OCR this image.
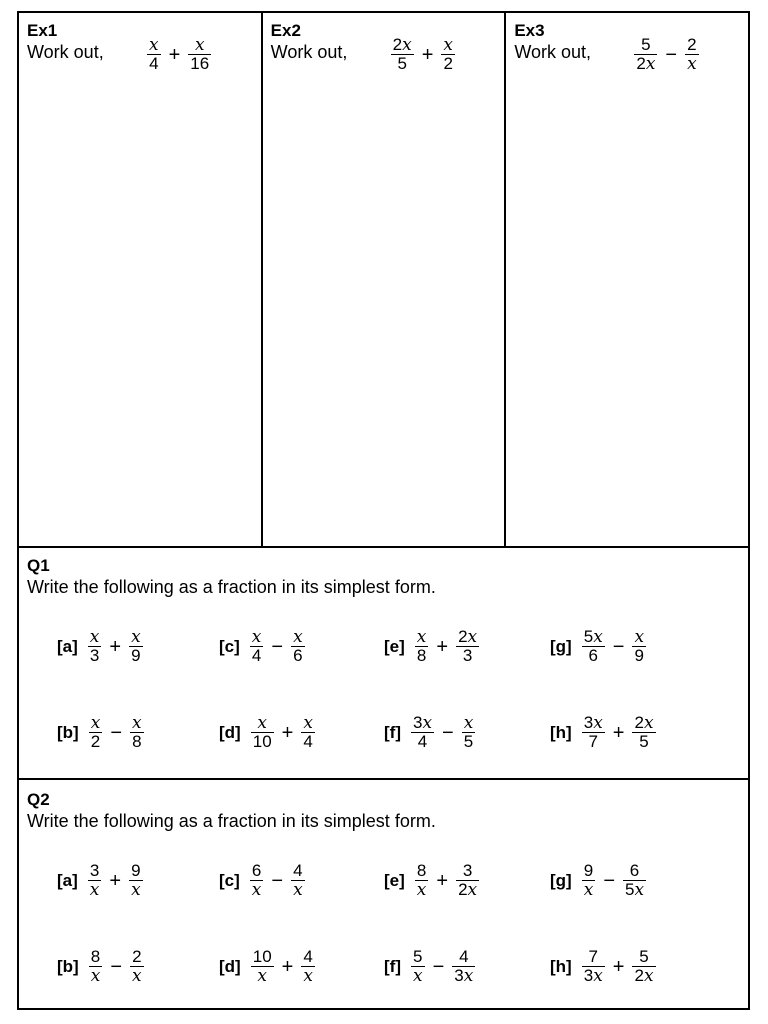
Ex1
Work out,	$\frac{x}{4} + \frac{x}{16}$
Ex2
Work out,	$\frac{2x}{5} + \frac{x}{2}$
Ex3
Work out,	$\frac{5}{2x} - \frac{2}{x}$
Q1
Write the following as a fraction in its simplest form.
$[a] \frac{x}{3} + \frac{x}{9}$
$[b] \frac{x}{2} - \frac{x}{8}$
$[c] \frac{x}{4} - \frac{x}{6}$
$[d] \frac{x}{10} + \frac{x}{4}$
$[e] \frac{x}{8} + \frac{2x}{3}$
$[f] \frac{3x}{4} - \frac{x}{5}$
$[g] \frac{5x}{6} - \frac{x}{9}$
$[h] \frac{3x}{7} + \frac{2x}{5}$
Q2
Write the following as a fraction in its simplest form.
$[a] \frac{3}{x} + \frac{9}{x}$
$[b] \frac{8}{x} - \frac{2}{x}$
$[c] \frac{6}{x} - \frac{4}{x}$
$[d] \frac{10}{x} + \frac{4}{x}$
$[e] \frac{8}{x} + \frac{3}{2x}$
$[f] \frac{5}{x} - \frac{4}{3x}$
$[g] \frac{9}{x} - \frac{6}{5x}$
$[h] \frac{7}{3x} + \frac{5}{2x}$
